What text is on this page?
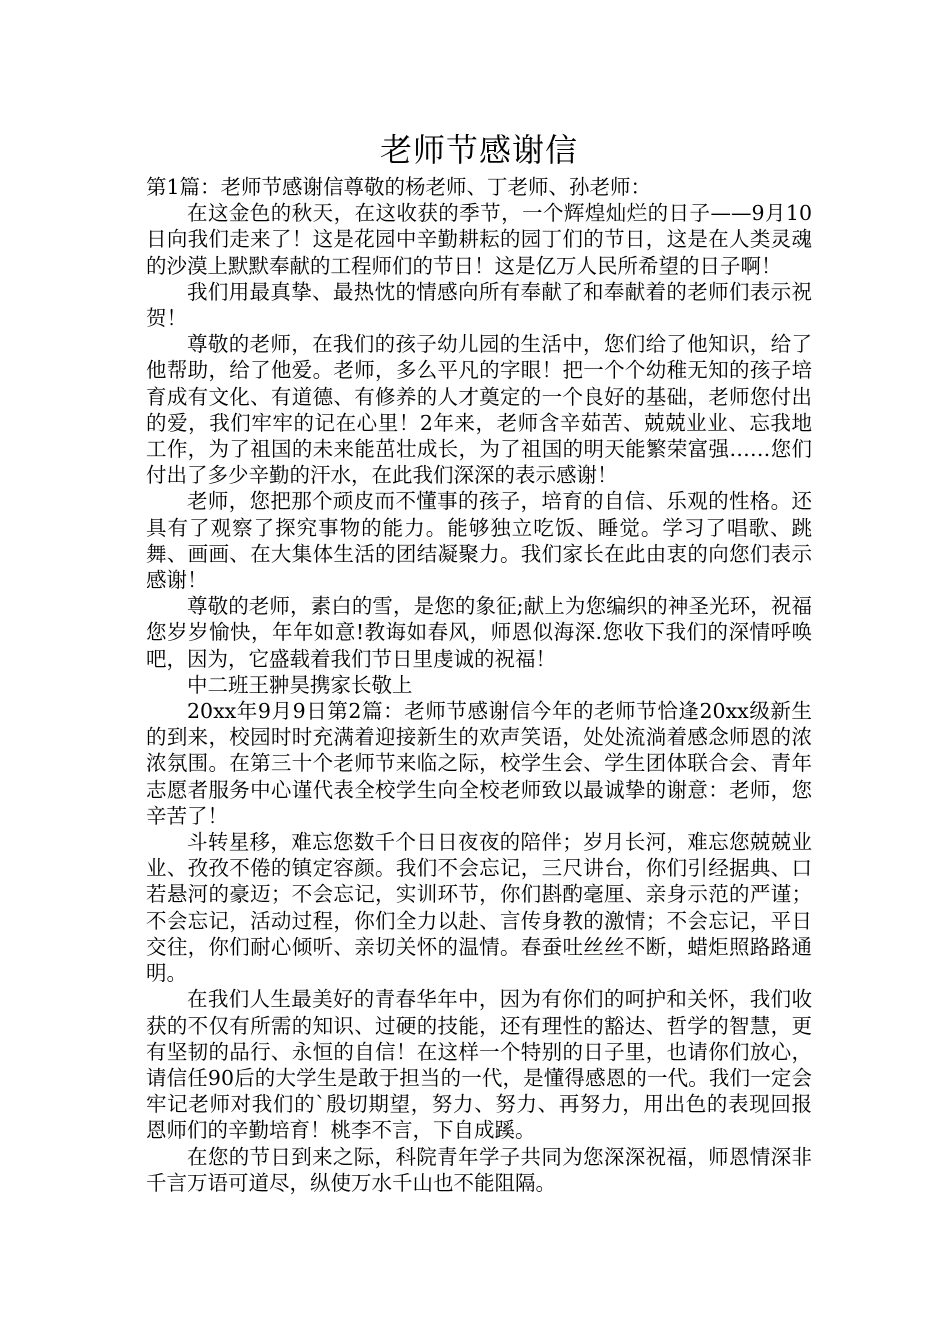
老师节感谢信

第1篇：老师节感谢信尊敬的杨老师、丁老师、孙老师：

在这金色的秋天，在这收获的季节，一个辉煌灿烂的日子——9月10日向我们走来了！这是花园中辛勤耕耘的园丁们的节日，这是在人类灵魂的沙漠上默默奉献的工程师们的节日！这是亿万人民所希望的日子啊！

我们用最真挚、最热忱的情感向所有奉献了和奉献着的老师们表示祝贺！

尊敬的老师，在我们的孩子幼儿园的生活中，您们给了他知识，给了他帮助，给了他爱。老师，多么平凡的字眼！把一个个幼稚无知的孩子培育成有文化、有道德、有修养的人才奠定的一个良好的基础，老师您付出的爱，我们牢牢的记在心里！2年来，老师含辛茹苦、兢兢业业、忘我地工作，为了祖国的未来能茁壮成长，为了祖国的明天能繁荣富强……您们付出了多少辛勤的汗水，在此我们深深的表示感谢！

老师，您把那个顽皮而不懂事的孩子，培育的自信、乐观的性格。还具有了观察了探究事物的能力。能够独立吃饭、睡觉。学习了唱歌、跳舞、画画、在大集体生活的团结凝聚力。我们家长在此由衷的向您们表示感谢！

尊敬的老师，素白的雪，是您的象征;献上为您编织的神圣光环，祝福您岁岁愉快，年年如意!教诲如春风，师恩似海深.您收下我们的深情呼唤吧，因为，它盛载着我们节日里虔诚的祝福！

中二班王翀昊携家长敬上

20xx年9月9日第2篇：老师节感谢信今年的老师节恰逢20xx级新生的到来，校园时时充满着迎接新生的欢声笑语，处处流淌着感念师恩的浓浓氛围。在第三十个老师节来临之际，校学生会、学生团体联合会、青年志愿者服务中心谨代表全校学生向全校老师致以最诚挚的谢意：老师，您辛苦了！

斗转星移，难忘您数千个日日夜夜的陪伴；岁月长河，难忘您兢兢业业、孜孜不倦的镇定容颜。我们不会忘记，三尺讲台，你们引经据典、口若悬河的豪迈；不会忘记，实训环节，你们斟酌毫厘、亲身示范的严谨；不会忘记，活动过程，你们全力以赴、言传身教的激情；不会忘记，平日交往，你们耐心倾听、亲切关怀的温情。春蚕吐丝丝不断，蜡炬照路路通明。

在我们人生最美好的青春华年中，因为有你们的呵护和关怀，我们收获的不仅有所需的知识、过硬的技能，还有理性的豁达、哲学的智慧，更有坚韧的品行、永恒的自信！在这样一个特别的日子里，也请你们放心，请信任90后的大学生是敢于担当的一代，是懂得感恩的一代。我们一定会牢记老师对我们的`殷切期望，努力、努力、再努力，用出色的表现回报恩师们的辛勤培育！桃李不言，下自成蹊。

在您的节日到来之际，科院青年学子共同为您深深祝福，师恩情深非千言万语可道尽，纵使万水千山也不能阻隔。
